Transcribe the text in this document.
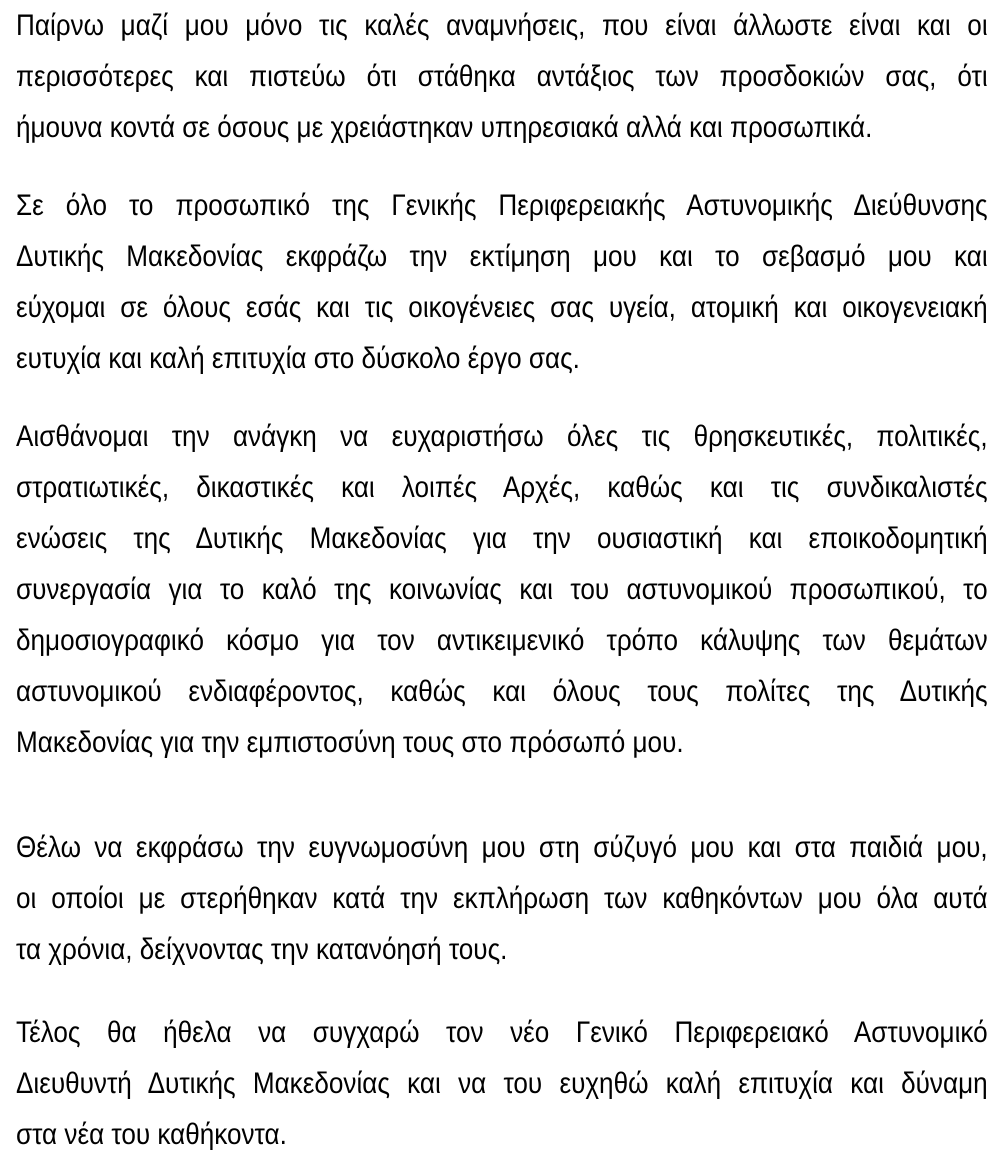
Παίρνω μαζί μου μόνο τις καλές αναμνήσεις, που είναι άλλωστε είναι και οι
περισσότερες και πιστεύω ότι στάθηκα αντάξιος των προσδοκιών σας, ότι
ήμουνα κοντά σε όσους με χρειάστηκαν υπηρεσιακά αλλά και προσωπικά.
Σε όλο το προσωπικό της Γενικής Περιφερειακής Αστυνομικής Διεύθυνσης
Δυτικής Μακεδονίας εκφράζω την εκτίμηση μου και το σεβασμό μου και
εύχομαι σε όλους εσάς και τις οικογένειες σας υγεία, ατομική και οικογενειακή
ευτυχία και καλή επιτυχία στο δύσκολο έργο σας.
Αισθάνομαι την ανάγκη να ευχαριστήσω όλες τις θρησκευτικές, πολιτικές,
στρατιωτικές, δικαστικές και λοιπές Αρχές, καθώς και τις συνδικαλιστές
ενώσεις της Δυτικής Μακεδονίας για την ουσιαστική και εποικοδομητική
συνεργασία για το καλό της κοινωνίας και του αστυνομικού προσωπικού, το
δημοσιογραφικό κόσμο για τον αντικειμενικό τρόπο κάλυψης των θεμάτων
αστυνομικού ενδιαφέροντος, καθώς και όλους τους πολίτες της Δυτικής
Μακεδονίας για την εμπιστοσύνη τους στο πρόσωπό μου.
Θέλω να εκφράσω την ευγνωμοσύνη μου στη σύζυγό μου και στα παιδιά μου,
οι οποίοι με στερήθηκαν κατά την εκπλήρωση των καθηκόντων μου όλα αυτά
τα χρόνια, δείχνοντας την κατανόησή τους.
Τέλος θα ήθελα να συγχαρώ τον νέο Γενικό Περιφερειακό Αστυνομικό
Διευθυντή Δυτικής Μακεδονίας και να του ευχηθώ καλή επιτυχία και δύναμη
στα νέα του καθήκοντα.
